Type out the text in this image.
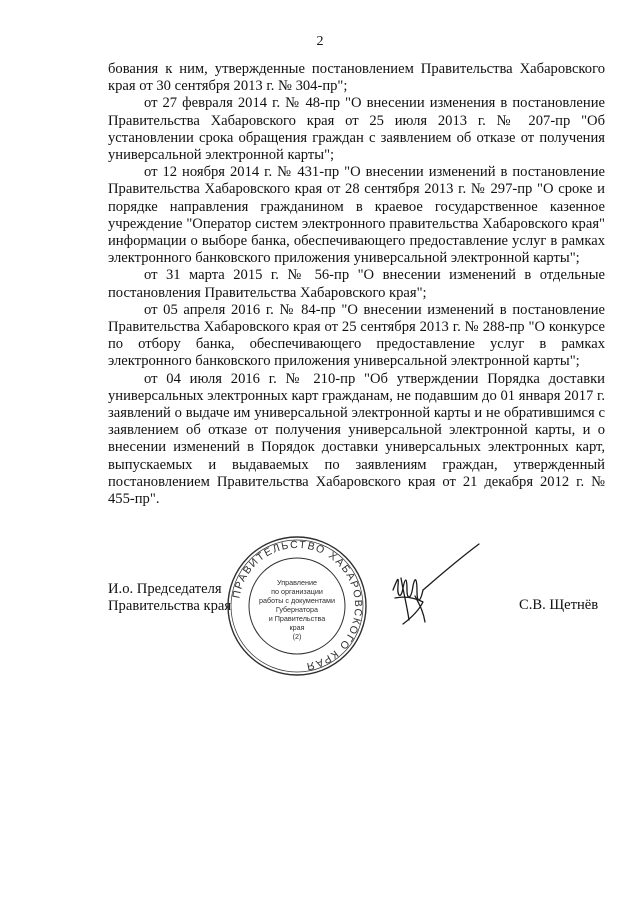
2

бования к ним, утвержденные постановлением Правительства Хабаровского края от 30 сентября 2013 г. № 304-пр";

от 27 февраля 2014 г. № 48-пр "О внесении изменения в постановление Правительства Хабаровского края от 25 июля 2013 г. № 207-пр "Об установлении срока обращения граждан с заявлением об отказе от получения универсальной электронной карты";

от 12 ноября 2014 г. № 431-пр "О внесении изменений в постановление Правительства Хабаровского края от 28 сентября 2013 г. № 297-пр "О сроке и порядке направления гражданином в краевое государственное казенное учреждение "Оператор систем электронного правительства Хабаровского края" информации о выборе банка, обеспечивающего предоставление услуг в рамках электронного банковского приложения универсальной электронной карты";

от 31 марта 2015 г. № 56-пр "О внесении изменений в отдельные постановления Правительства Хабаровского края";

от 05 апреля 2016 г. № 84-пр "О внесении изменений в постановление Правительства Хабаровского края от 25 сентября 2013 г. № 288-пр "О конкурсе по отбору банка, обеспечивающего предоставление услуг в рамках электронного банковского приложения универсальной электронной карты";

от 04 июля 2016 г. № 210-пр "Об утверждении Порядка доставки универсальных электронных карт гражданам, не подавшим до 01 января 2017 г. заявлений о выдаче им универсальной электронной карты и не обратившимся с заявлением об отказе от получения универсальной электронной карты, и о внесении изменений в Порядок доставки универсальных электронных карт, выпускаемых и выдаваемых по заявлениям граждан, утвержденный постановлением Правительства Хабаровского края от 21 декабря 2012 г. № 455-пр".

И.о. Председателя
Правительства края
ПРАВИТЕЛЬСТВО ХАБАРОВСКОГО КРАЯ
Управление
по организации
работы с документами
Губернатора
и Правительства
края
(2)
С.В. Щетнёв
